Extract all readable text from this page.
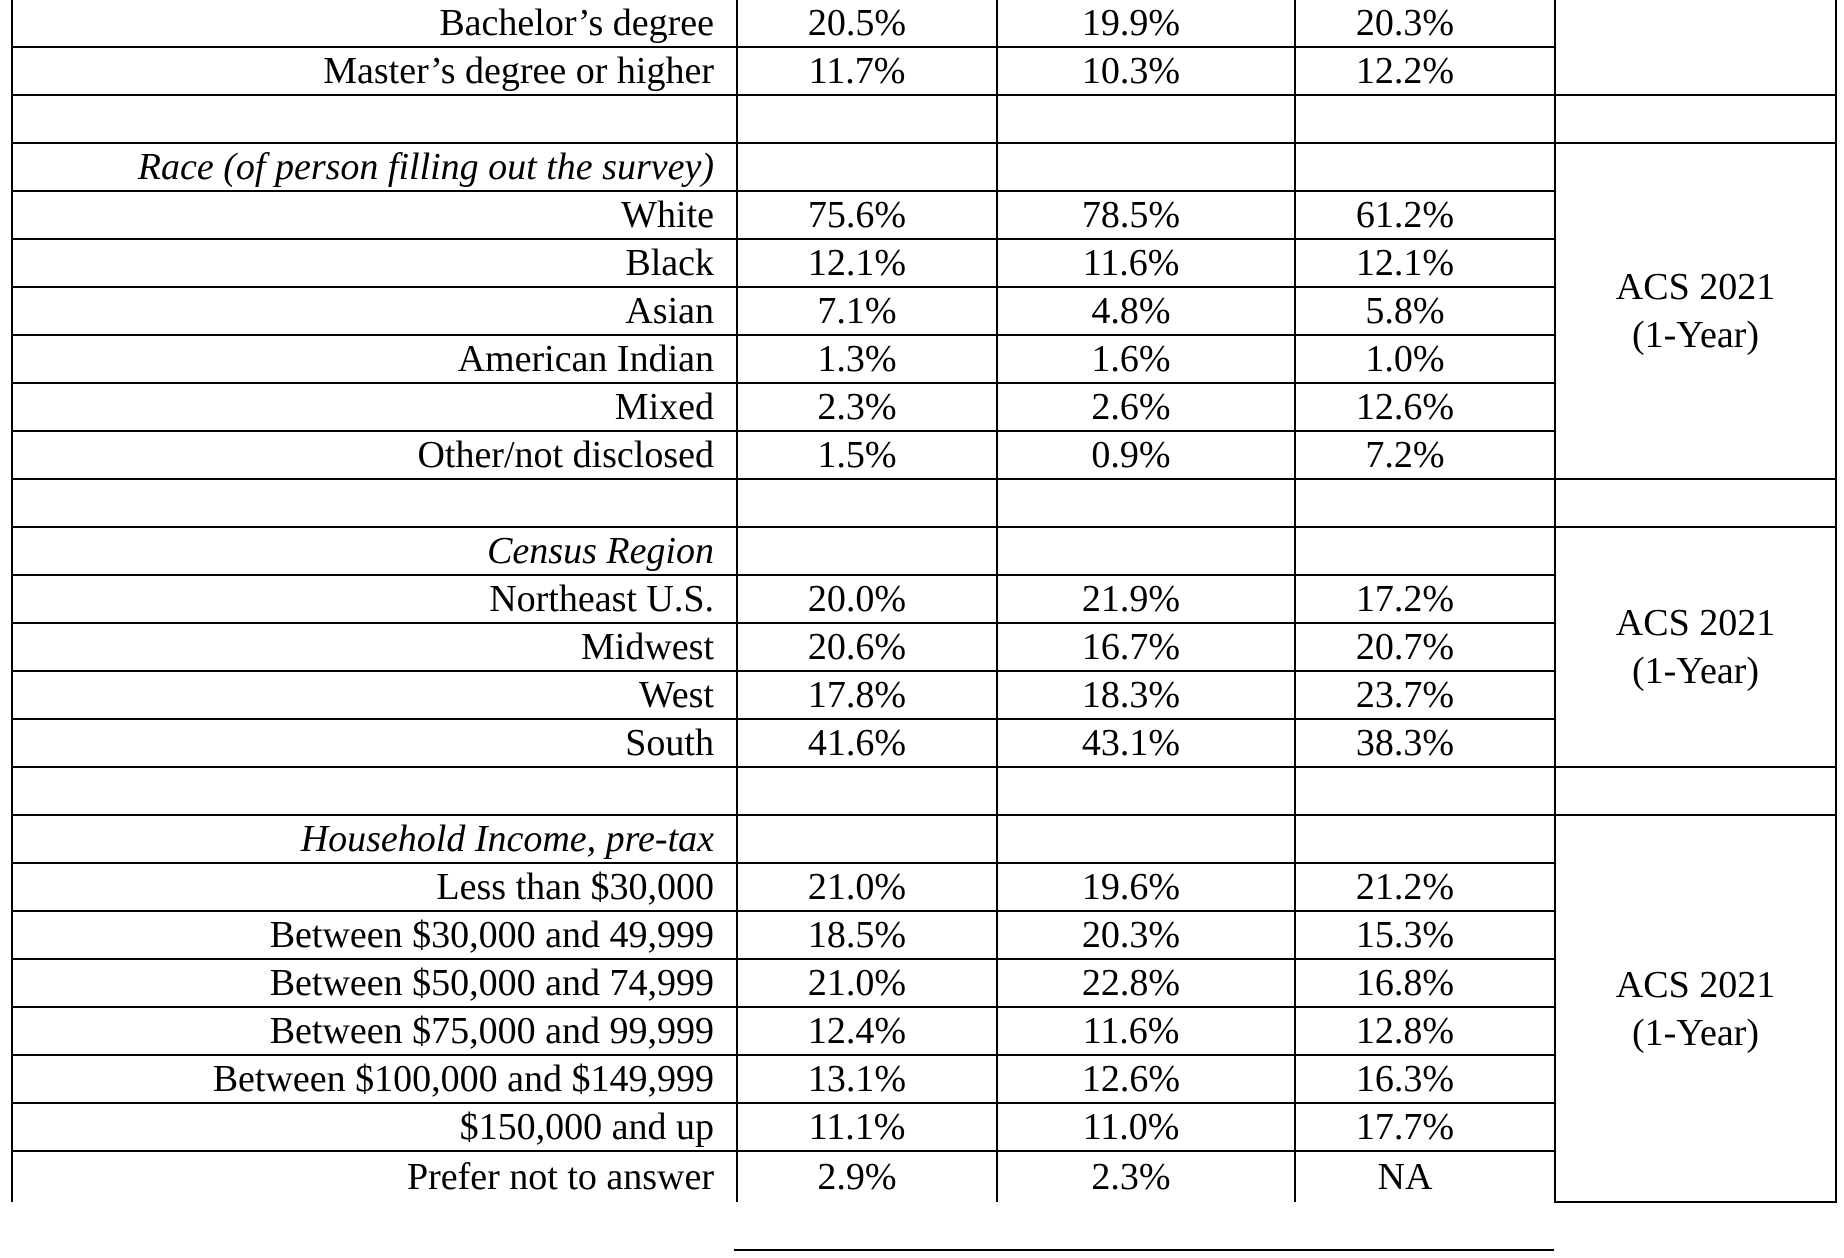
Bachelor’s degree	20.5%	19.9%	20.3%	
Master’s degree or higher	11.7%	10.3%	12.2%	

Race (of person filling out the survey)				ACS 2021
(1-Year)

White	75.6%	78.5%	61.2%	
Black	12.1%	11.6%	12.1%	
Asian	7.1%	4.8%	5.8%	
American Indian	1.3%	1.6%	1.0%	
Mixed	2.3%	2.6%	12.6%	
Other/not disclosed	1.5%	0.9%	7.2%	

Census Region				ACS 2021
(1-Year)

Northeast U.S.	20.0%	21.9%	17.2%	
Midwest	20.6%	16.7%	20.7%	
West	17.8%	18.3%	23.7%	
South	41.6%	43.1%	38.3%	

Household Income, pre-tax				ACS 2021
(1-Year)

Less than $30,000	21.0%	19.6%	21.2%	
Between $30,000 and 49,999	18.5%	20.3%	15.3%	
Between $50,000 and 74,999	21.0%	22.8%	16.8%	
Between $75,000 and 99,999	12.4%	11.6%	12.8%	
Between $100,000 and $149,999	13.1%	12.6%	16.3%	
$150,000 and up	11.1%	11.0%	17.7%	
Prefer not to answer	2.9%	2.3%	NA	
